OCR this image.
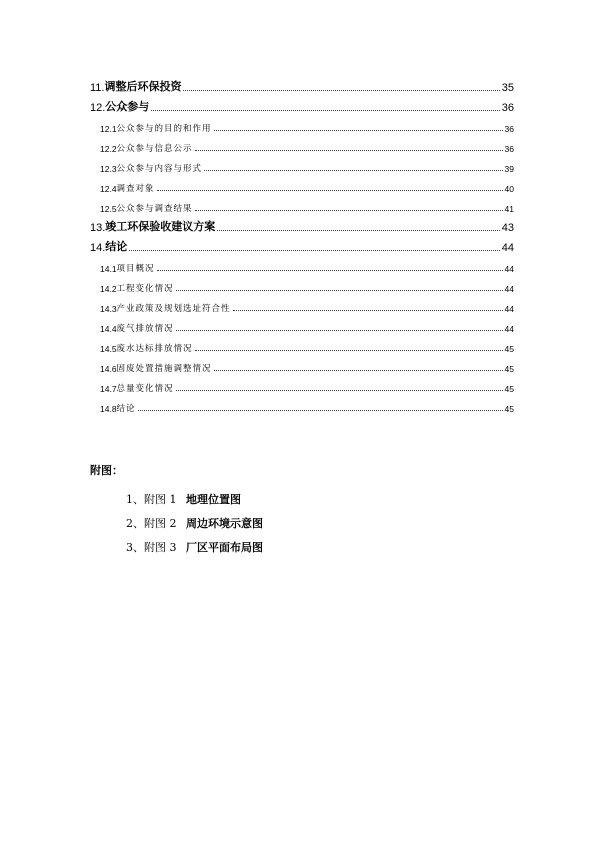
11. 调整后环保投资	35
12. 公众参与	36
12.1 公众参与的目的和作用	36
12.2 公众参与信息公示	36
12.3 公众参与内容与形式	39
12.4 调查对象	40
12.5 公众参与调查结果	41
13. 竣工环保验收建议方案	43
14. 结论	44
14.1 项目概况	44
14.2 工程变化情况	44
14.3 产业政策及规划选址符合性	44
14.4 废气排放情况	44
14.5 废水达标排放情况	45
14.6 固废处置措施调整情况	45
14.7 总量变化情况	45
14.8 结论	45
附图：
1、附图 1 地理位置图
2、附图 2 周边环境示意图
3、附图 3 厂区平面布局图
